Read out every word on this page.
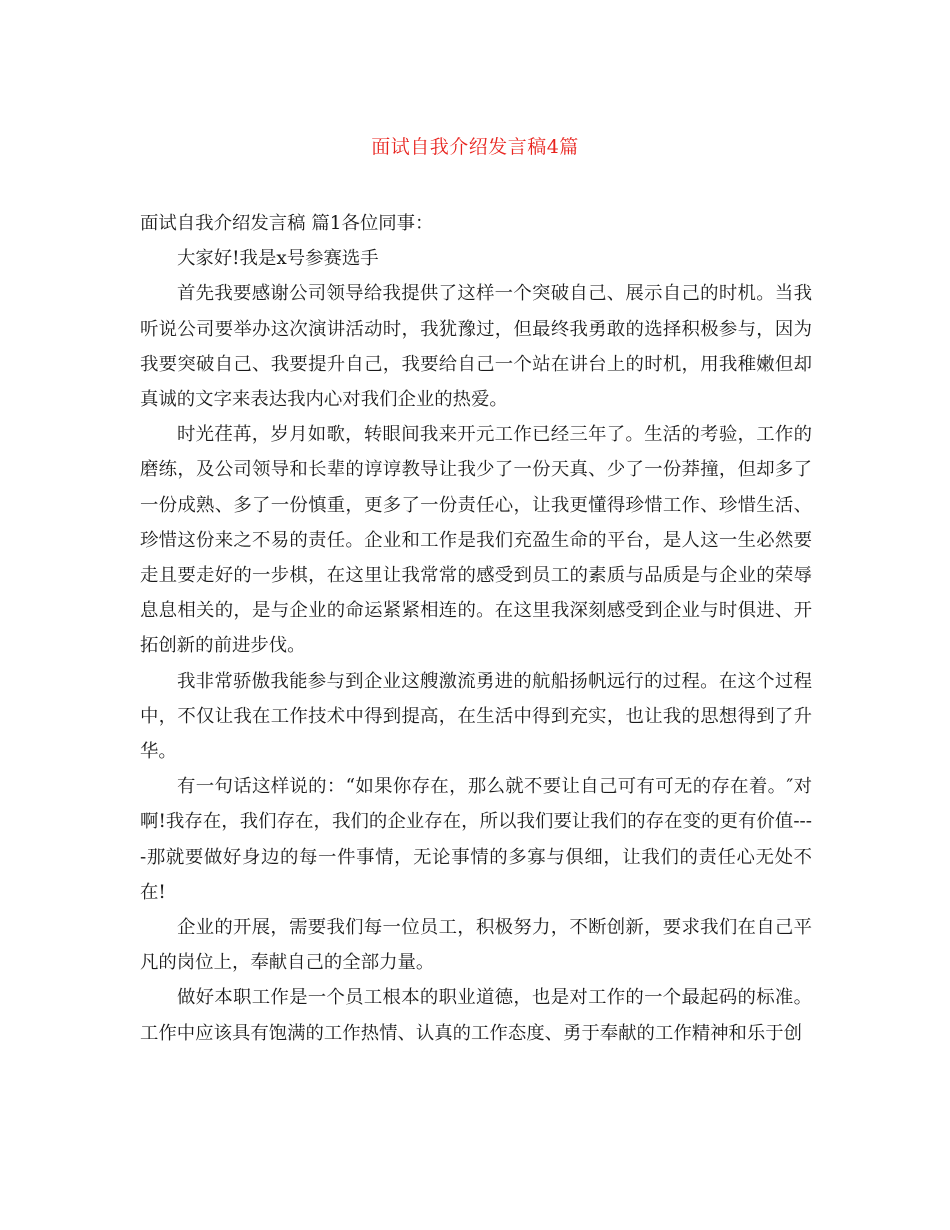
面试自我介绍发言稿4篇

面试自我介绍发言稿 篇1各位同事：

大家好!我是x号参赛选手

首先我要感谢公司领导给我提供了这样一个突破自己、展示自己的时机。当我听说公司要举办这次演讲活动时，我犹豫过，但最终我勇敢的选择积极参与，因为我要突破自己、我要提升自己，我要给自己一个站在讲台上的时机，用我稚嫩但却真诚的文字来表达我内心对我们企业的热爱。

时光荏苒，岁月如歌，转眼间我来开元工作已经三年了。生活的考验，工作的磨练，及公司领导和长辈的谆谆教导让我少了一份天真、少了一份莽撞，但却多了一份成熟、多了一份慎重，更多了一份责任心，让我更懂得珍惜工作、珍惜生活、珍惜这份来之不易的责任。企业和工作是我们充盈生命的平台，是人这一生必然要走且要走好的一步棋，在这里让我常常的感受到员工的素质与品质是与企业的荣辱息息相关的，是与企业的命运紧紧相连的。在这里我深刻感受到企业与时俱进、开拓创新的前进步伐。

我非常骄傲我能参与到企业这艘激流勇进的航船扬帆远行的过程。在这个过程中，不仅让我在工作技术中得到提高，在生活中得到充实，也让我的思想得到了升华。

有一句话这样说的：“如果你存在，那么就不要让自己可有可无的存在着。″对啊!我存在，我们存在，我们的企业存在，所以我们要让我们的存在变的更有价值----那就要做好身边的每一件事情，无论事情的多寡与俱细，让我们的责任心无处不在!

企业的开展，需要我们每一位员工，积极努力，不断创新，要求我们在自己平凡的岗位上，奉献自己的全部力量。

做好本职工作是一个员工根本的职业道德，也是对工作的一个最起码的标准。工作中应该具有饱满的工作热情、认真的工作态度、勇于奉献的工作精神和乐于创
